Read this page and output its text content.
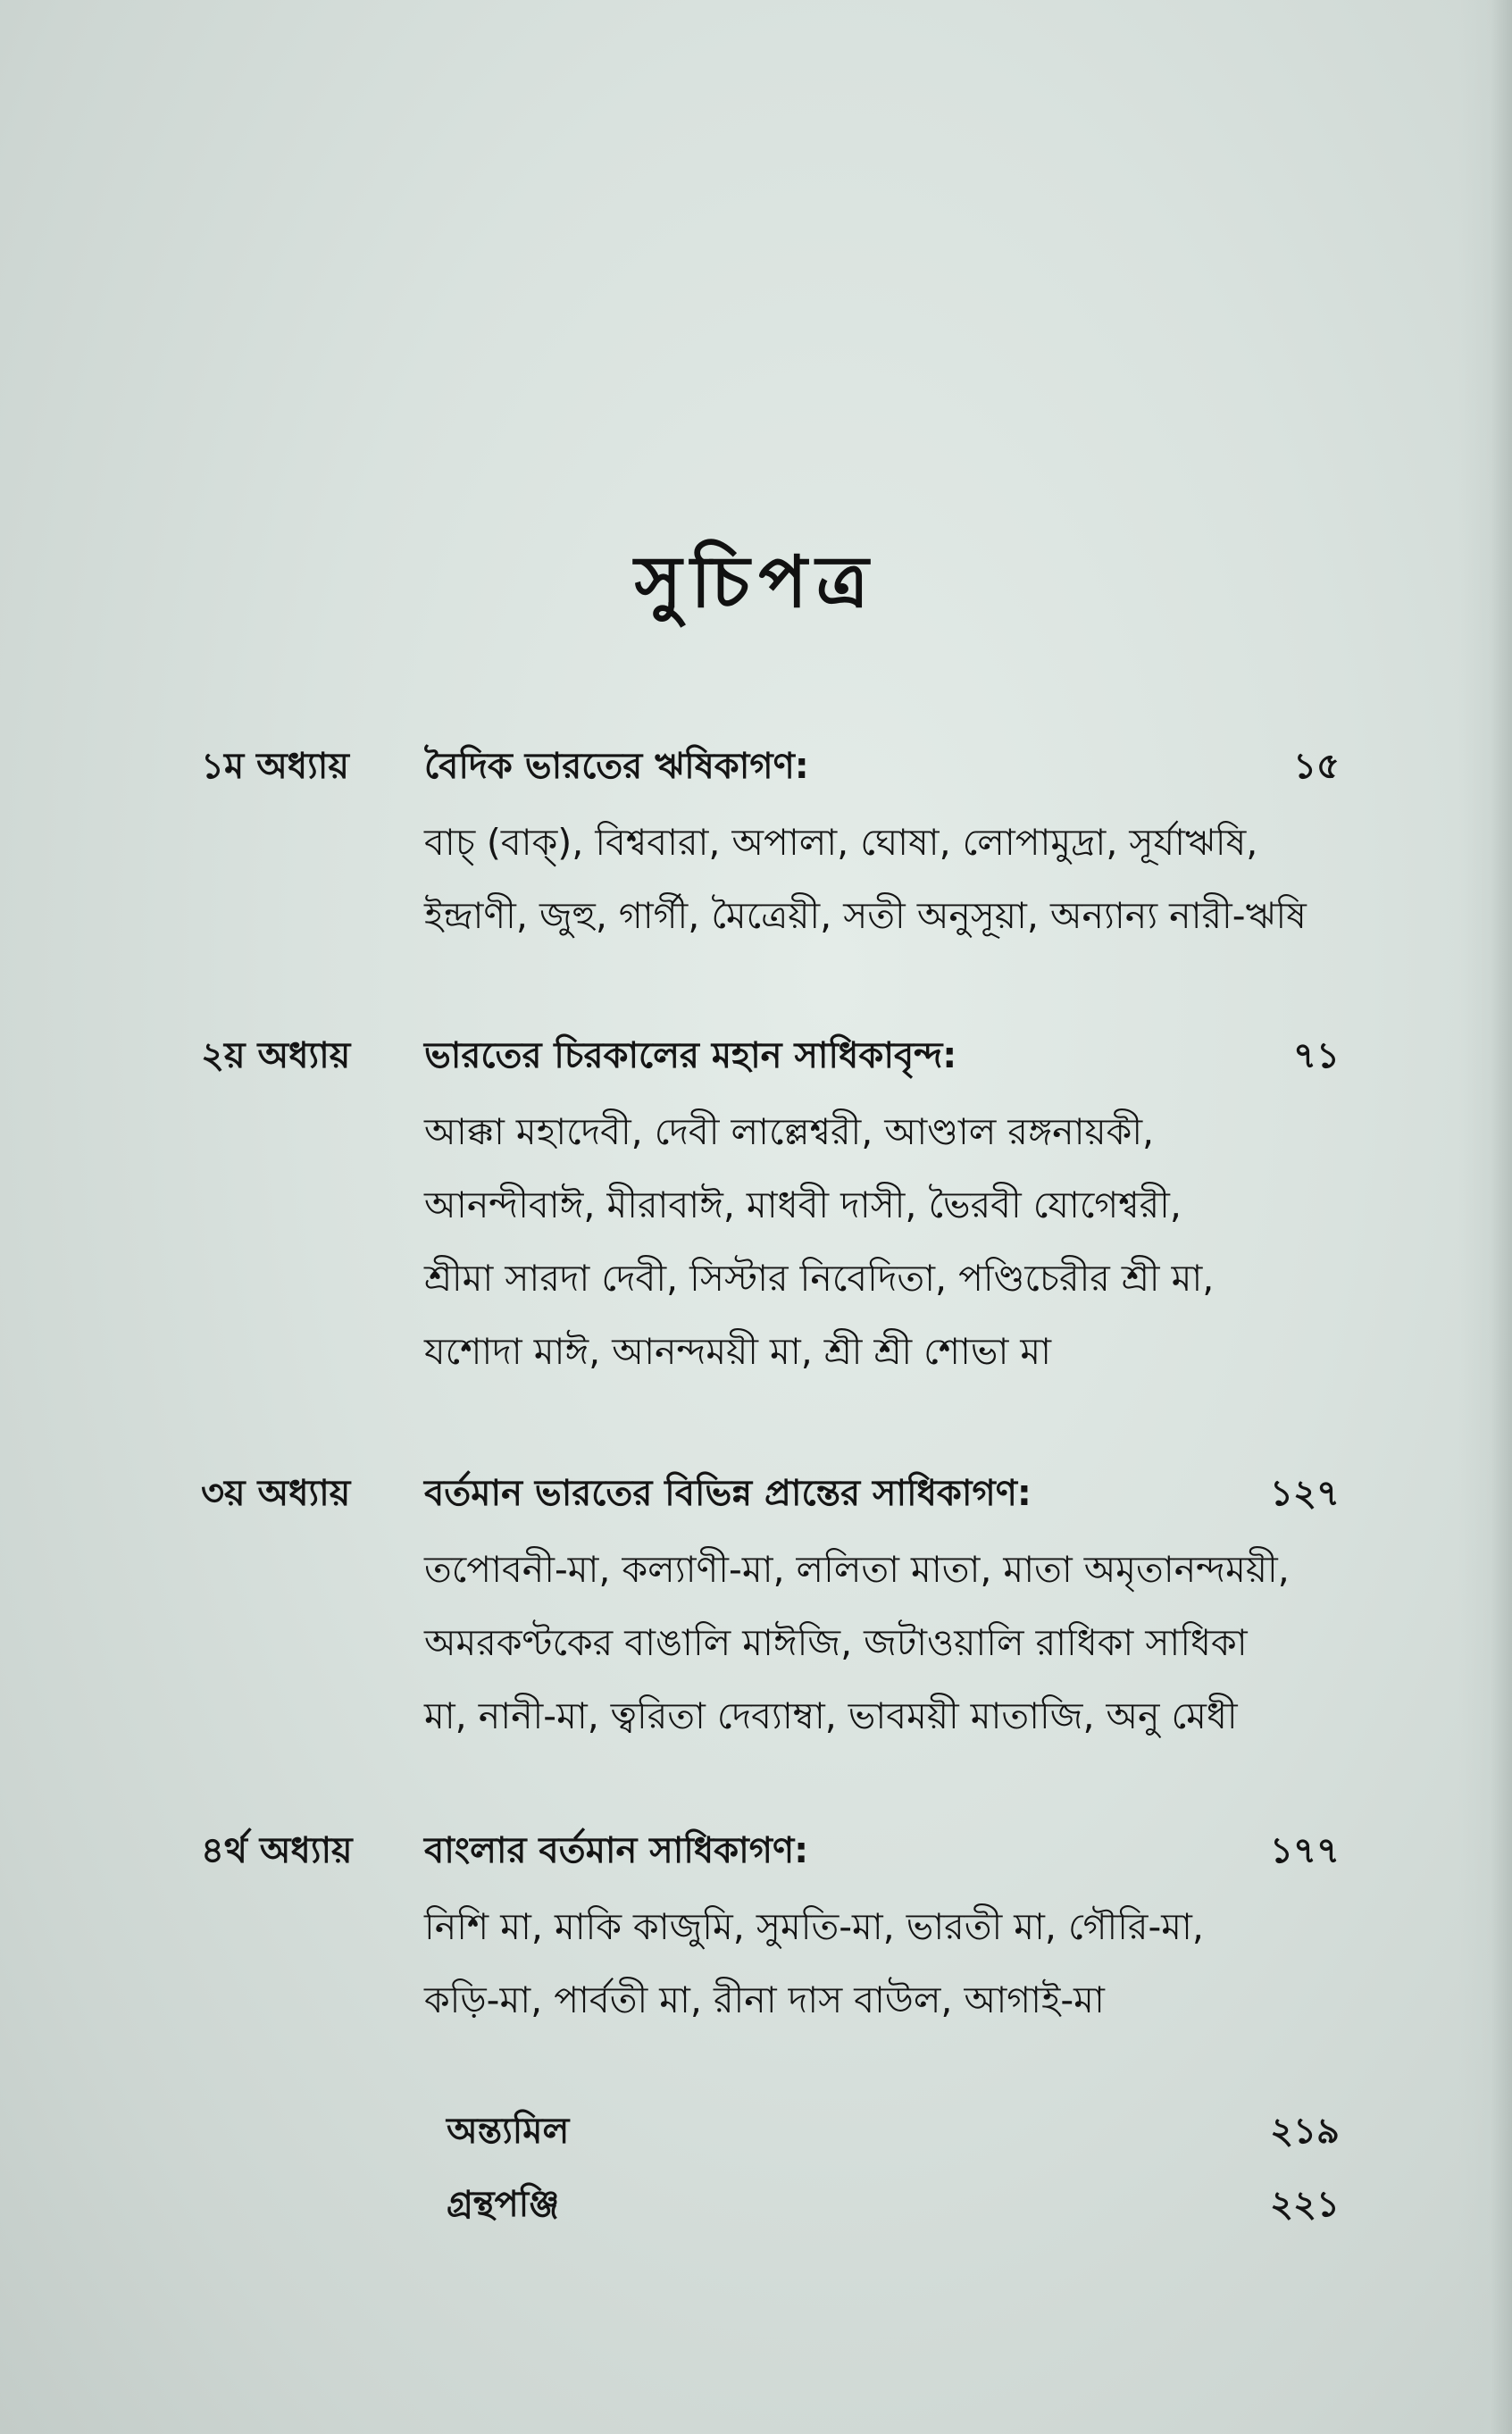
সুচিপত্র
১ম অধ্যায়	বৈদিক ভারতের ঋষিকাগণ:	১৫
বাচ্ (বাক্), বিশ্ববারা, অপালা, ঘোষা, লোপামুদ্রা, সূর্যাঋষি,
ইন্দ্রাণী, জুহু, গার্গী, মৈত্রেয়ী, সতী অনুসূয়া, অন্যান্য নারী-ঋষি
২য় অধ্যায়	ভারতের চিরকালের মহান সাধিকাবৃন্দ:	৭১
আক্কা মহাদেবী, দেবী লাল্লেশ্বরী, আণ্ডাল রঙ্গনায়কী,
আনন্দীবাঈ, মীরাবাঈ, মাধবী দাসী, ভৈরবী যোগেশ্বরী,
শ্রীমা সারদা দেবী, সিস্টার নিবেদিতা, পণ্ডিচেরীর শ্রী মা,
যশোদা মাঈ, আনন্দময়ী মা, শ্রী শ্রী শোভা মা
৩য় অধ্যায়	বর্তমান ভারতের বিভিন্ন প্রান্তের সাধিকাগণ:	১২৭
তপোবনী-মা, কল্যাণী-মা, ললিতা মাতা, মাতা অমৃতানন্দময়ী,
অমরকণ্টকের বাঙালি মাঈজি, জটাওয়ালি রাধিকা সাধিকা
মা, নানী-মা, ত্বরিতা দেব্যাম্বা, ভাবময়ী মাতাজি, অনু মেধী
৪র্থ অধ্যায়	বাংলার বর্তমান সাধিকাগণ:	১৭৭
নিশি মা, মাকি কাজুমি, সুমতি-মা, ভারতী মা, গৌরি-মা,
কড়ি-মা, পার্বতী মা, রীনা দাস বাউল, আগাই-মা
অন্ত্যমিল	২১৯
গ্রন্থপঞ্জি	২২১
